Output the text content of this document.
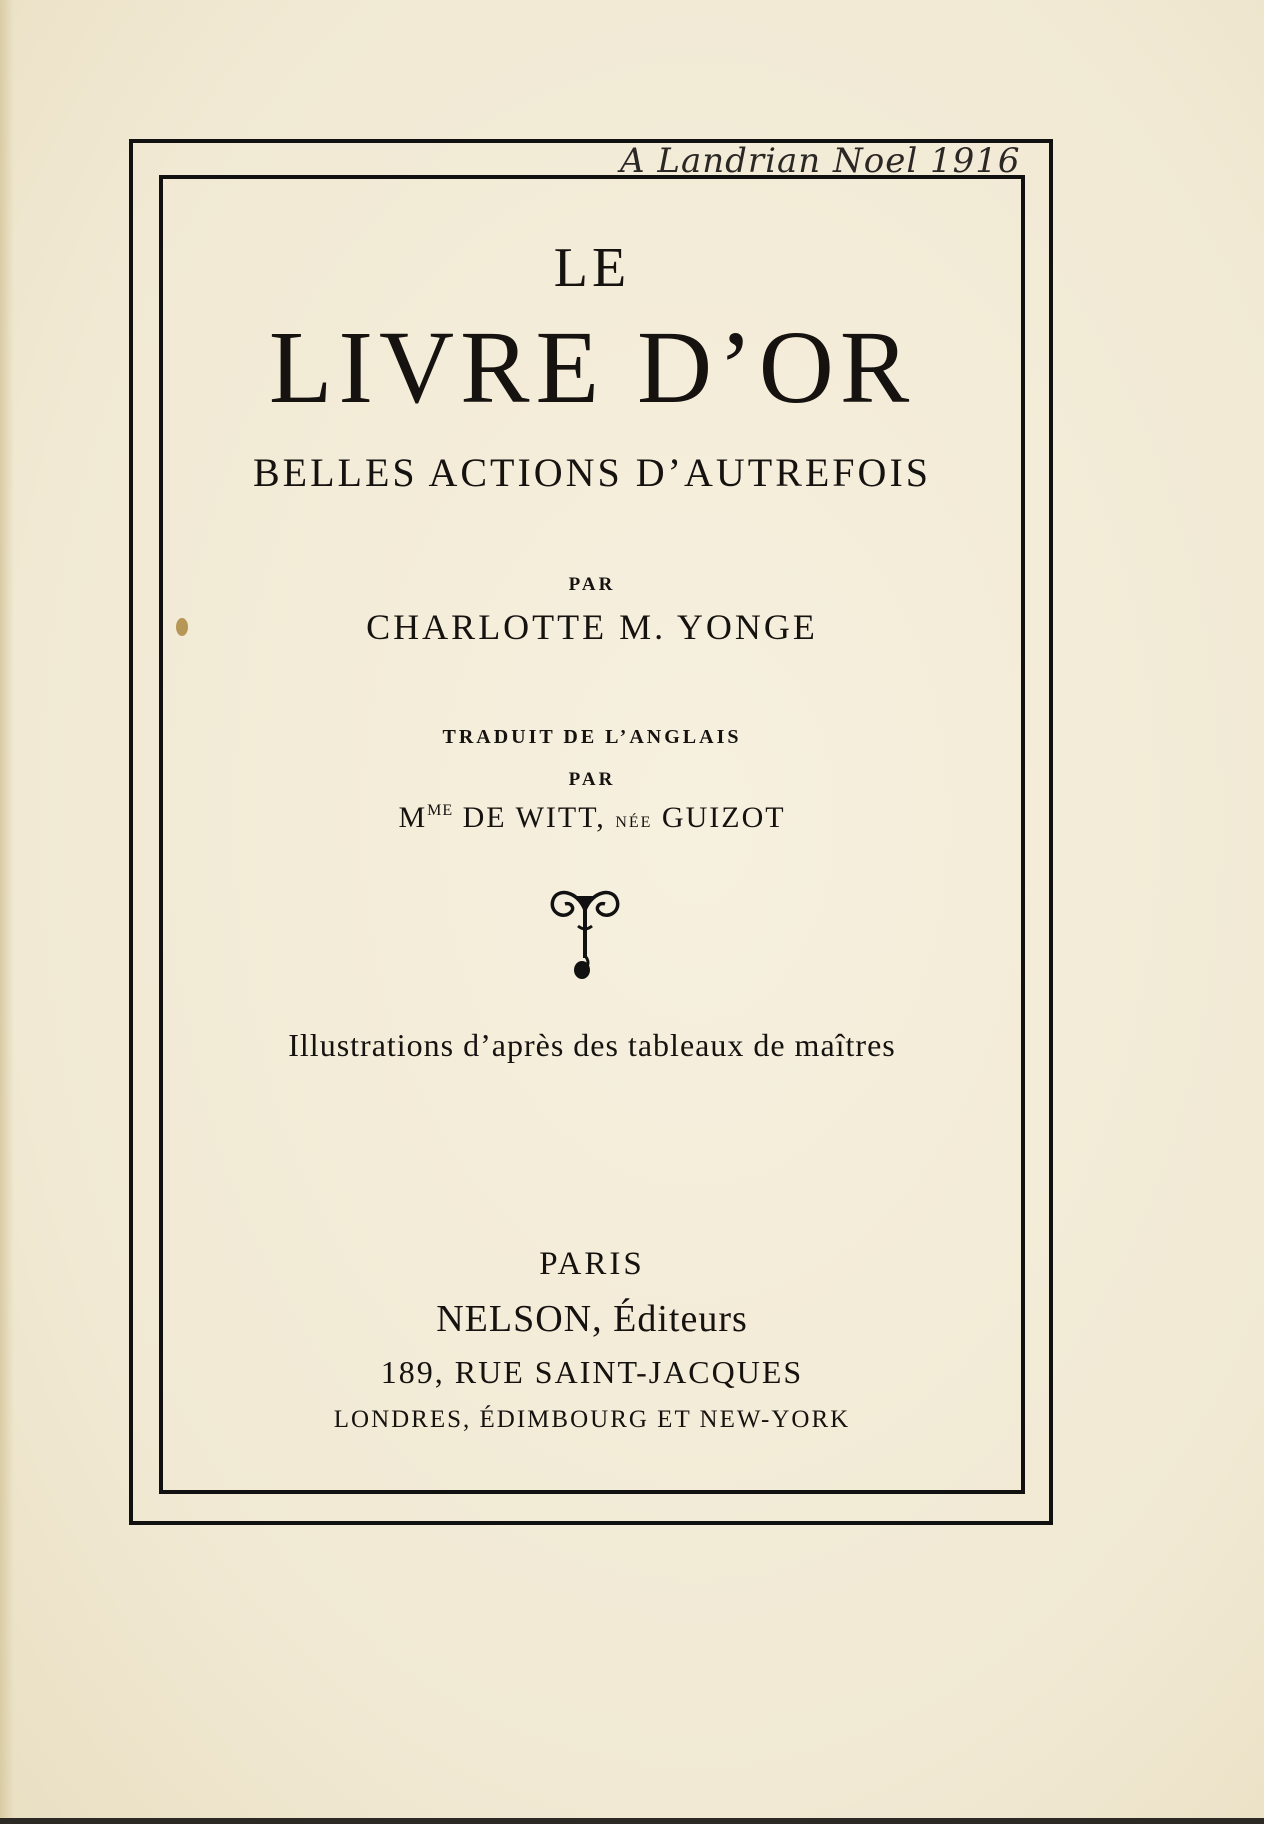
A Landrian Noel 1916
LE
LIVRE D’OR
BELLES ACTIONS D’AUTREFOIS
PAR
CHARLOTTE M. YONGE
TRADUIT DE L’ANGLAIS
PAR
$M^{ME}$ DE WITT, NÉE GUIZOT
Illustrations d’après des tableaux de maîtres
PARIS
NELSON, Éditeurs
189, RUE SAINT-JACQUES
LONDRES, ÉDIMBOURG ET NEW-YORK
